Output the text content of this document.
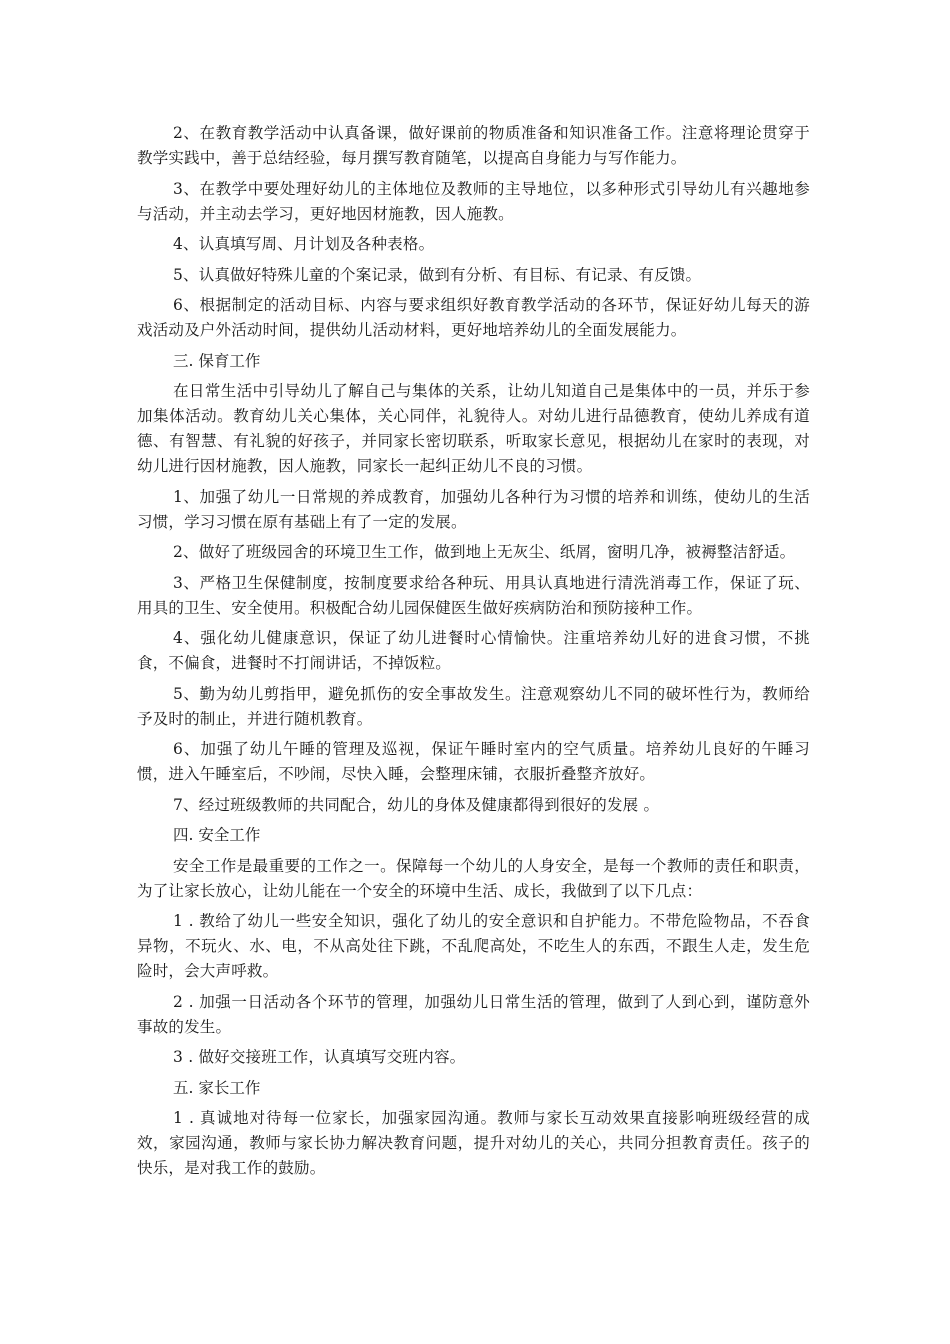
2、在教育教学活动中认真备课，做好课前的物质准备和知识准备工作。注意将理论贯穿于教学实践中，善于总结经验，每月撰写教育随笔，以提高自身能力与写作能力。

3、在教学中要处理好幼儿的主体地位及教师的主导地位，以多种形式引导幼儿有兴趣地参与活动，并主动去学习，更好地因材施教，因人施教。

4、认真填写周、月计划及各种表格。

5、认真做好特殊儿童的个案记录，做到有分析、有目标、有记录、有反馈。

6、根据制定的活动目标、内容与要求组织好教育教学活动的各环节，保证好幼儿每天的游戏活动及户外活动时间，提供幼儿活动材料，更好地培养幼儿的全面发展能力。

三. 保育工作

在日常生活中引导幼儿了解自己与集体的关系，让幼儿知道自己是集体中的一员，并乐于参加集体活动。教育幼儿关心集体，关心同伴，礼貌待人。对幼儿进行品德教育，使幼儿养成有道德、有智慧、有礼貌的好孩子，并同家长密切联系，听取家长意见，根据幼儿在家时的表现，对幼儿进行因材施教，因人施教，同家长一起纠正幼儿不良的习惯。

1、加强了幼儿一日常规的养成教育，加强幼儿各种行为习惯的培养和训练，使幼儿的生活习惯，学习习惯在原有基础上有了一定的发展。

2、做好了班级园舍的环境卫生工作，做到地上无灰尘、纸屑，窗明几净，被褥整洁舒适。

3、严格卫生保健制度，按制度要求给各种玩、用具认真地进行清洗消毒工作，保证了玩、用具的卫生、安全使用。积极配合幼儿园保健医生做好疾病防治和预防接种工作。

4、强化幼儿健康意识，保证了幼儿进餐时心情愉快。注重培养幼儿好的进食习惯，不挑食，不偏食，进餐时不打闹讲话，不掉饭粒。

5、勤为幼儿剪指甲，避免抓伤的安全事故发生。注意观察幼儿不同的破坏性行为，教师给予及时的制止，并进行随机教育。

6、加强了幼儿午睡的管理及巡视，保证午睡时室内的空气质量。培养幼儿良好的午睡习惯，进入午睡室后，不吵闹，尽快入睡，会整理床铺，衣服折叠整齐放好。

7、经过班级教师的共同配合，幼儿的身体及健康都得到很好的发展 。

四. 安全工作

安全工作是最重要的工作之一。保障每一个幼儿的人身安全，是每一个教师的责任和职责，为了让家长放心，让幼儿能在一个安全的环境中生活、成长，我做到了以下几点：

1 . 教给了幼儿一些安全知识，强化了幼儿的安全意识和自护能力。不带危险物品，不吞食异物，不玩火、水、电，不从高处往下跳，不乱爬高处，不吃生人的东西，不跟生人走，发生危险时，会大声呼救。

2 . 加强一日活动各个环节的管理，加强幼儿日常生活的管理，做到了人到心到，谨防意外事故的发生。

3 . 做好交接班工作，认真填写交班内容。

五. 家长工作

1 . 真诚地对待每一位家长，加强家园沟通。教师与家长互动效果直接影响班级经营的成效，家园沟通，教师与家长协力解决教育问题，提升对幼儿的关心，共同分担教育责任。孩子的快乐，是对我工作的鼓励。
